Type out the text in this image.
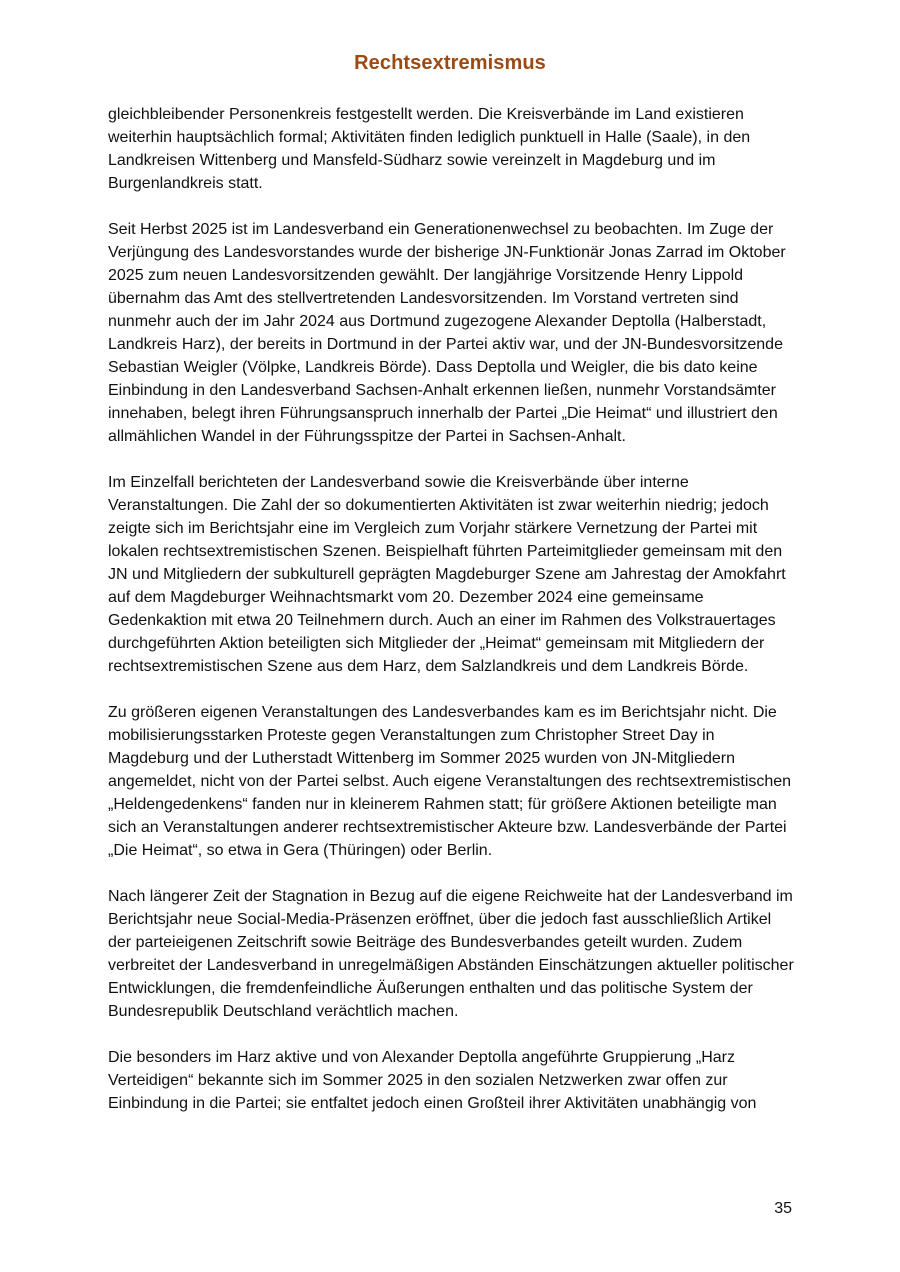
Rechtsextremismus

gleichbleibender Personenkreis festgestellt werden. Die Kreisverbände im Land existieren weiterhin hauptsächlich formal; Aktivitäten finden lediglich punktuell in Halle (Saale), in den Landkreisen Wittenberg und Mansfeld-Südharz sowie vereinzelt in Magdeburg und im Burgenlandkreis statt.

Seit Herbst 2025 ist im Landesverband ein Generationenwechsel zu beobachten. Im Zuge der Verjüngung des Landesvorstandes wurde der bisherige JN-Funktionär Jonas Zarrad im Oktober 2025 zum neuen Landesvorsitzenden gewählt. Der langjährige Vorsitzende Henry Lippold übernahm das Amt des stellvertretenden Landesvorsitzenden. Im Vorstand vertreten sind nunmehr auch der im Jahr 2024 aus Dortmund zugezogene Alexander Deptolla (Halberstadt, Landkreis Harz), der bereits in Dortmund in der Partei aktiv war, und der JN-Bundesvorsitzende Sebastian Weigler (Völpke, Landkreis Börde). Dass Deptolla und Weigler, die bis dato keine Einbindung in den Landesverband Sachsen-Anhalt erkennen ließen, nunmehr Vorstandsämter innehaben, belegt ihren Führungsanspruch innerhalb der Partei „Die Heimat“ und illustriert den allmählichen Wandel in der Führungsspitze der Partei in Sachsen-Anhalt.

Im Einzelfall berichteten der Landesverband sowie die Kreisverbände über interne Veranstaltungen. Die Zahl der so dokumentierten Aktivitäten ist zwar weiterhin niedrig; jedoch zeigte sich im Berichtsjahr eine im Vergleich zum Vorjahr stärkere Vernetzung der Partei mit lokalen rechtsextremistischen Szenen. Beispielhaft führten Parteimitglieder gemeinsam mit den JN und Mitgliedern der subkulturell geprägten Magdeburger Szene am Jahrestag der Amokfahrt auf dem Magdeburger Weihnachtsmarkt vom 20. Dezember 2024 eine gemeinsame Gedenkaktion mit etwa 20 Teilnehmern durch. Auch an einer im Rahmen des Volkstrauertages durchgeführten Aktion beteiligten sich Mitglieder der „Heimat“ gemeinsam mit Mitgliedern der rechtsextremistischen Szene aus dem Harz, dem Salzlandkreis und dem Landkreis Börde.

Zu größeren eigenen Veranstaltungen des Landesverbandes kam es im Berichtsjahr nicht. Die mobilisierungsstarken Proteste gegen Veranstaltungen zum Christopher Street Day in Magdeburg und der Lutherstadt Wittenberg im Sommer 2025 wurden von JN-Mitgliedern angemeldet, nicht von der Partei selbst. Auch eigene Veranstaltungen des rechtsextremistischen „Heldengedenkens“ fanden nur in kleinerem Rahmen statt; für größere Aktionen beteiligte man sich an Veranstaltungen anderer rechtsextremistischer Akteure bzw. Landesverbände der Partei „Die Heimat“, so etwa in Gera (Thüringen) oder Berlin.

Nach längerer Zeit der Stagnation in Bezug auf die eigene Reichweite hat der Landesverband im Berichtsjahr neue Social-Media-Präsenzen eröffnet, über die jedoch fast ausschließlich Artikel der parteieigenen Zeitschrift sowie Beiträge des Bundesverbandes geteilt wurden. Zudem verbreitet der Landesverband in unregelmäßigen Abständen Einschätzungen aktueller politischer Entwicklungen, die fremdenfeindliche Äußerungen enthalten und das politische System der Bundesrepublik Deutschland verächtlich machen.

Die besonders im Harz aktive und von Alexander Deptolla angeführte Gruppierung „Harz Verteidigen“ bekannte sich im Sommer 2025 in den sozialen Netzwerken zwar offen zur Einbindung in die Partei; sie entfaltet jedoch einen Großteil ihrer Aktivitäten unabhängig von

35
